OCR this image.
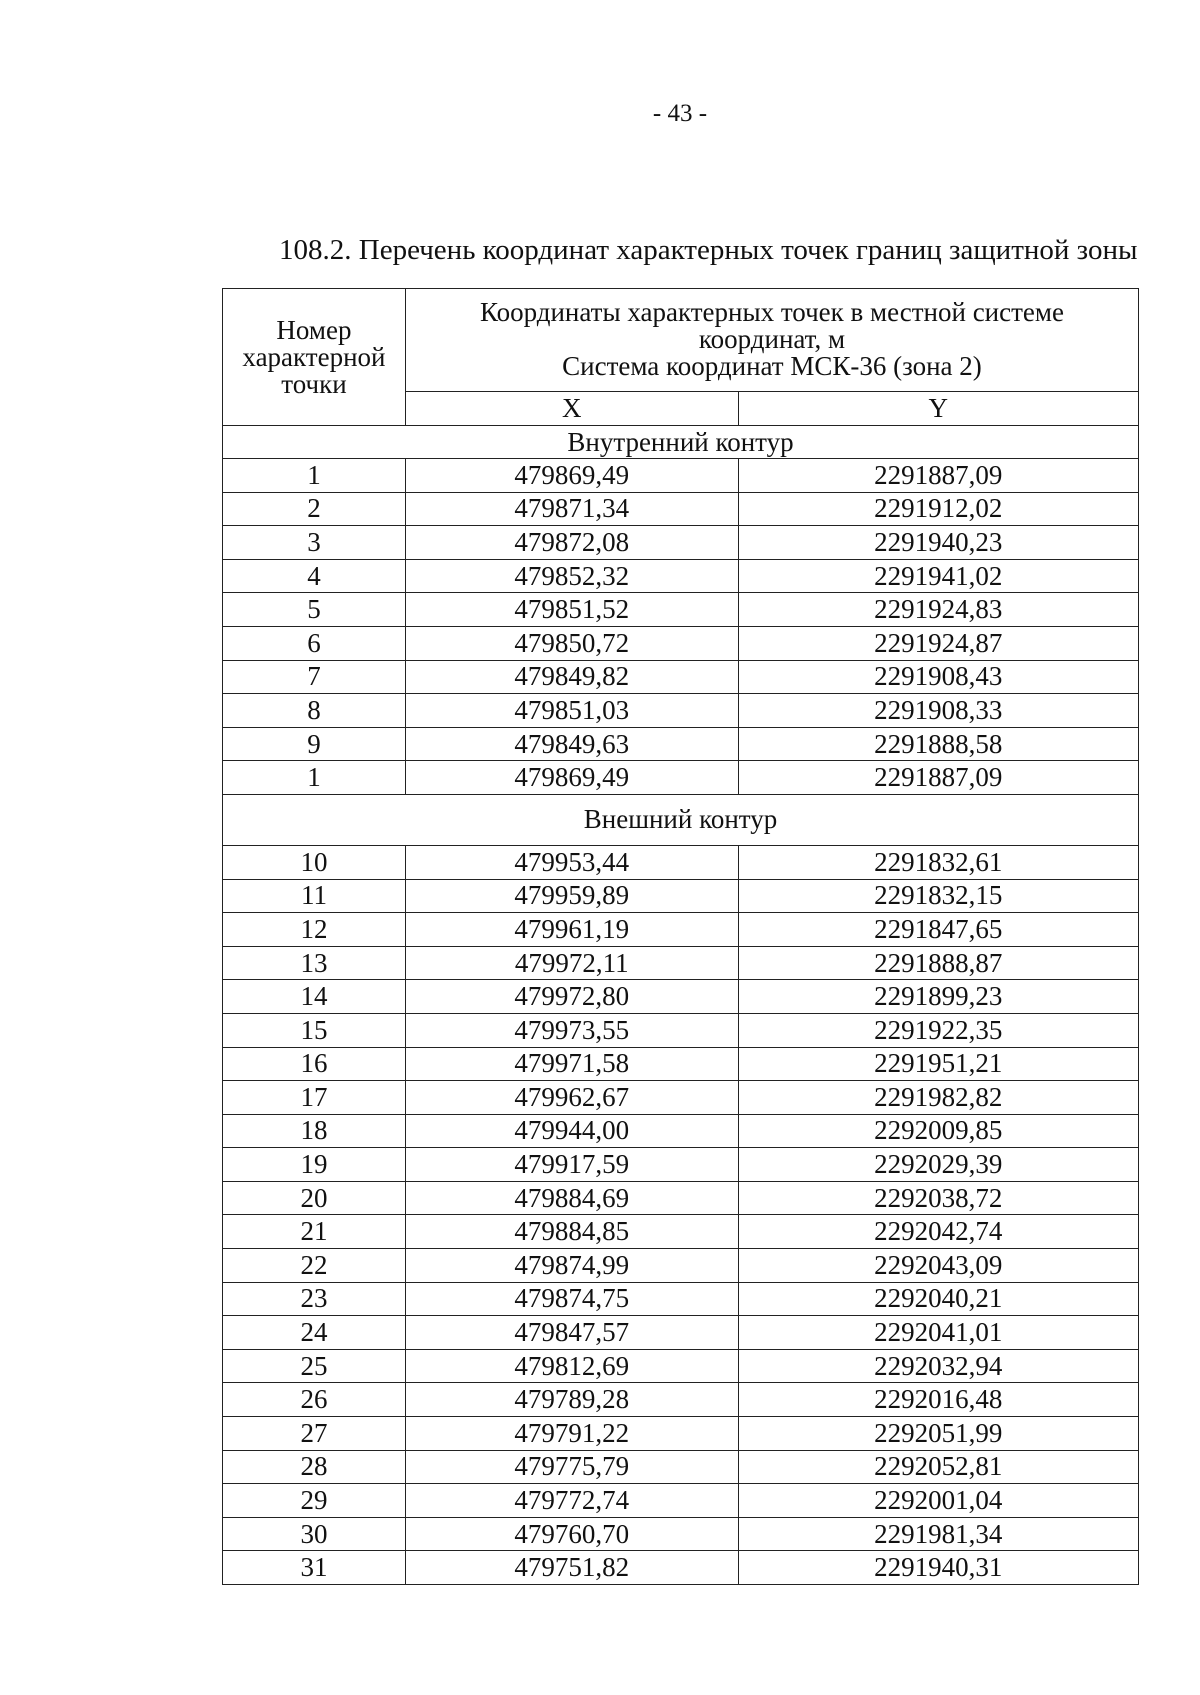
- 43 -
108.2. Перечень координат характерных точек границ защитной зоны
Номер характерной точки	Координаты характерных точек в местной системе
координат, м
Система координат МСК-36 (зона 2)	
	X	Y
Внутренний контур		
1	479869,49	2291887,09
2	479871,34	2291912,02
3	479872,08	2291940,23
4	479852,32	2291941,02
5	479851,52	2291924,83
6	479850,72	2291924,87
7	479849,82	2291908,43
8	479851,03	2291908,33
9	479849,63	2291888,58
1	479869,49	2291887,09
Внешний контур		
10	479953,44	2291832,61
11	479959,89	2291832,15
12	479961,19	2291847,65
13	479972,11	2291888,87
14	479972,80	2291899,23
15	479973,55	2291922,35
16	479971,58	2291951,21
17	479962,67	2291982,82
18	479944,00	2292009,85
19	479917,59	2292029,39
20	479884,69	2292038,72
21	479884,85	2292042,74
22	479874,99	2292043,09
23	479874,75	2292040,21
24	479847,57	2292041,01
25	479812,69	2292032,94
26	479789,28	2292016,48
27	479791,22	2292051,99
28	479775,79	2292052,81
29	479772,74	2292001,04
30	479760,70	2291981,34
31	479751,82	2291940,31
